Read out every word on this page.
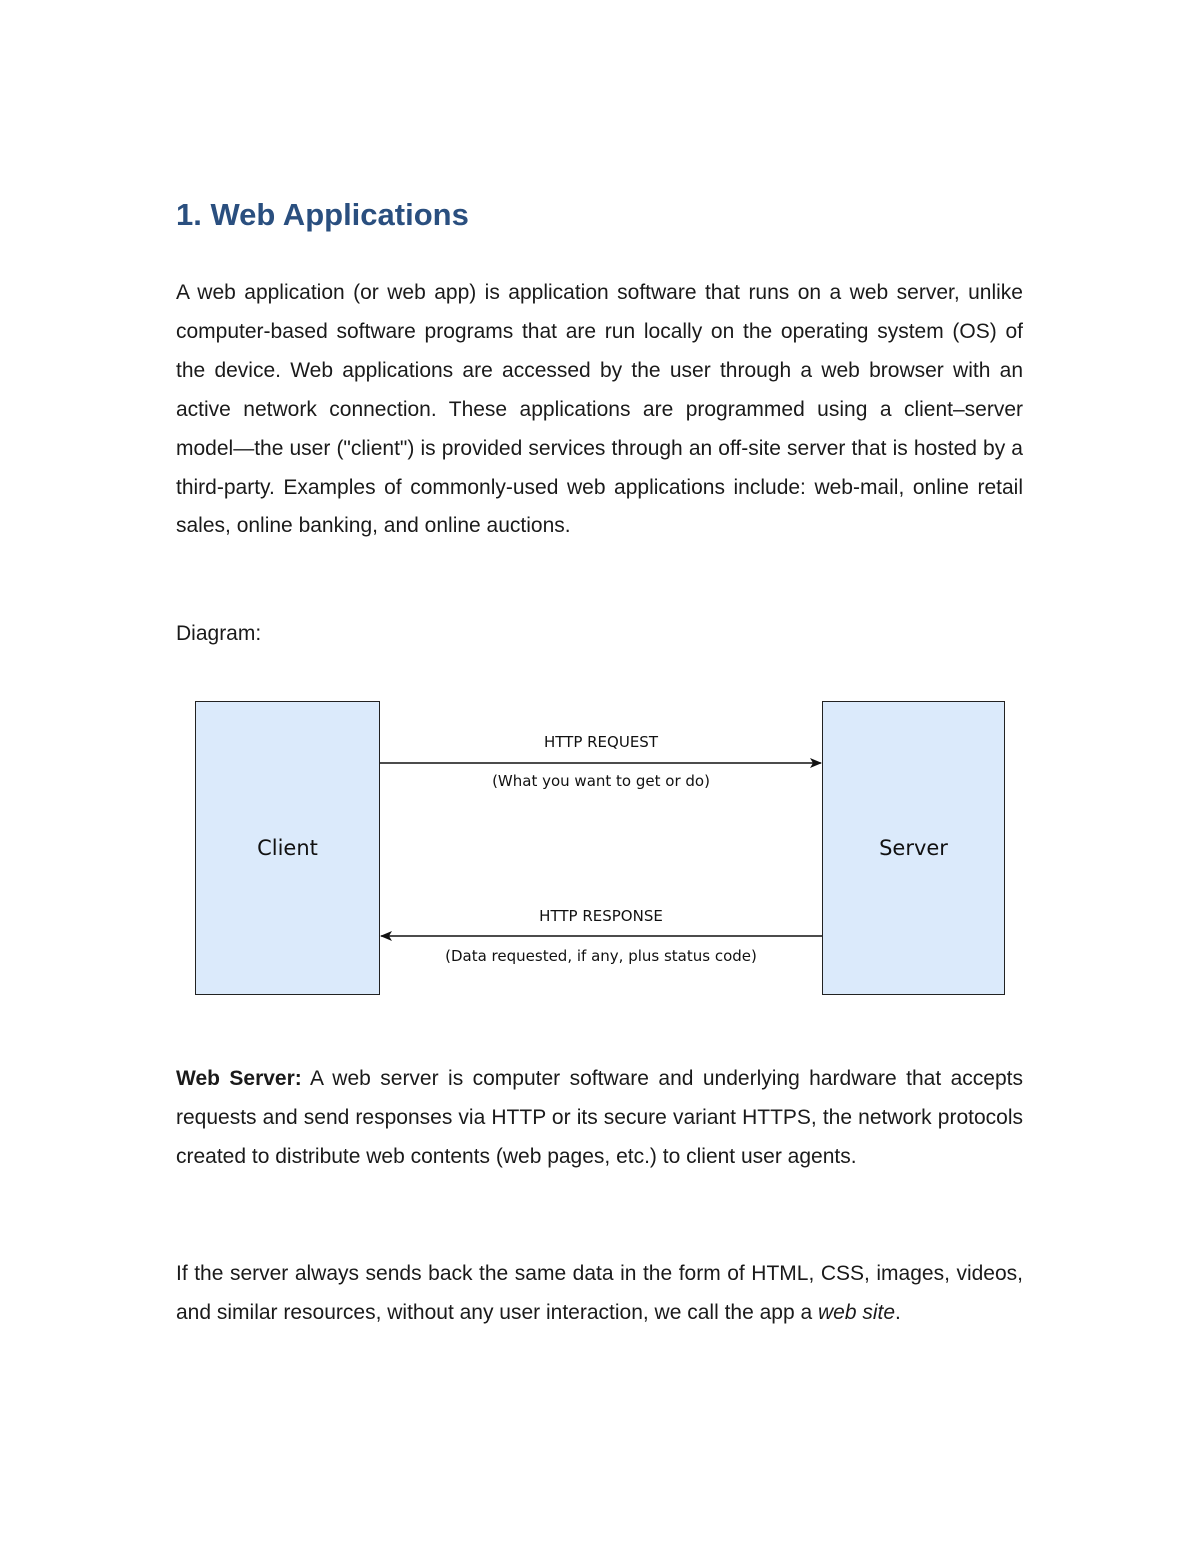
1. Web Applications

A web application (or web app) is application software that runs on a web server, unlike computer-based software programs that are run locally on the operating system (OS) of the device. Web applications are accessed by the user through a web browser with an active network connection. These applications are programmed using a client–server model—the user ("client") is provided services through an off-site server that is hosted by a third-party. Examples of commonly-used web applications include: web-mail, online retail sales, online banking, and online auctions.

Diagram:

Web Server: A web server is computer software and underlying hardware that accepts requests and send responses via HTTP or its secure variant HTTPS, the network protocols created to distribute web contents (web pages, etc.) to client user agents.

If the server always sends back the same data in the form of HTML, CSS, images, videos, and similar resources, without any user interaction, we call the app a web site.

Client	Server
HTTP REQUEST
(What you want to get or do)
HTTP RESPONSE
(Data requested, if any, plus status code)
